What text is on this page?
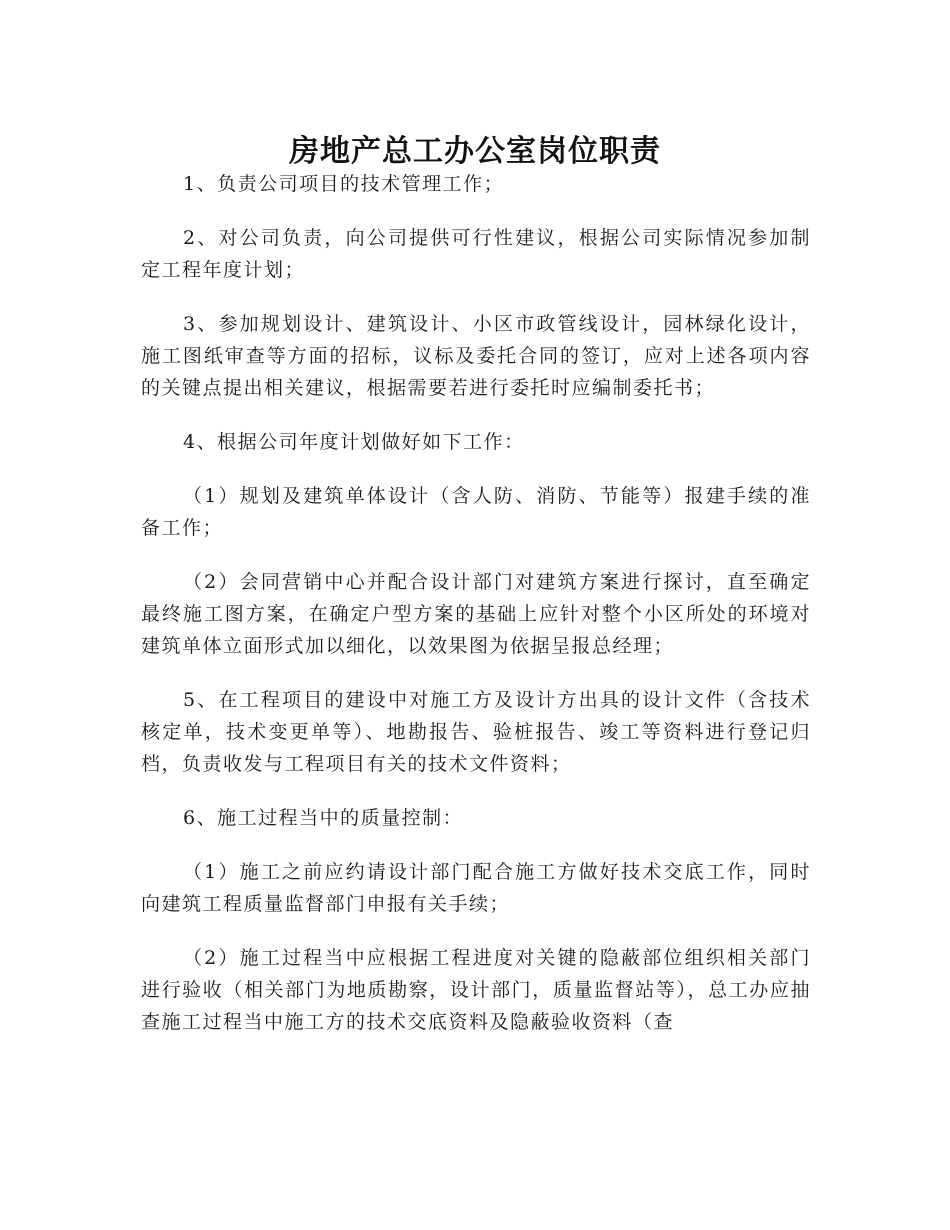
房地产总工办公室岗位职责

1、负责公司项目的技术管理工作；

2、对公司负责，向公司提供可行性建议，根据公司实际情况参加制定工程年度计划；

3、参加规划设计、建筑设计、小区市政管线设计，园林绿化设计，施工图纸审查等方面的招标，议标及委托合同的签订，应对上述各项内容的关键点提出相关建议，根据需要若进行委托时应编制委托书；

4、根据公司年度计划做好如下工作：

（1）规划及建筑单体设计（含人防、消防、节能等）报建手续的准备工作；

（2）会同营销中心并配合设计部门对建筑方案进行探讨，直至确定最终施工图方案，在确定户型方案的基础上应针对整个小区所处的环境对建筑单体立面形式加以细化，以效果图为依据呈报总经理；

5、在工程项目的建设中对施工方及设计方出具的设计文件（含技术核定单，技术变更单等）、地勘报告、验桩报告、竣工等资料进行登记归档，负责收发与工程项目有关的技术文件资料；

6、施工过程当中的质量控制：

（1）施工之前应约请设计部门配合施工方做好技术交底工作，同时向建筑工程质量监督部门申报有关手续；

（2）施工过程当中应根据工程进度对关键的隐蔽部位组织相关部门进行验收（相关部门为地质勘察，设计部门，质量监督站等），总工办应抽查施工过程当中施工方的技术交底资料及隐蔽验收资料（查
